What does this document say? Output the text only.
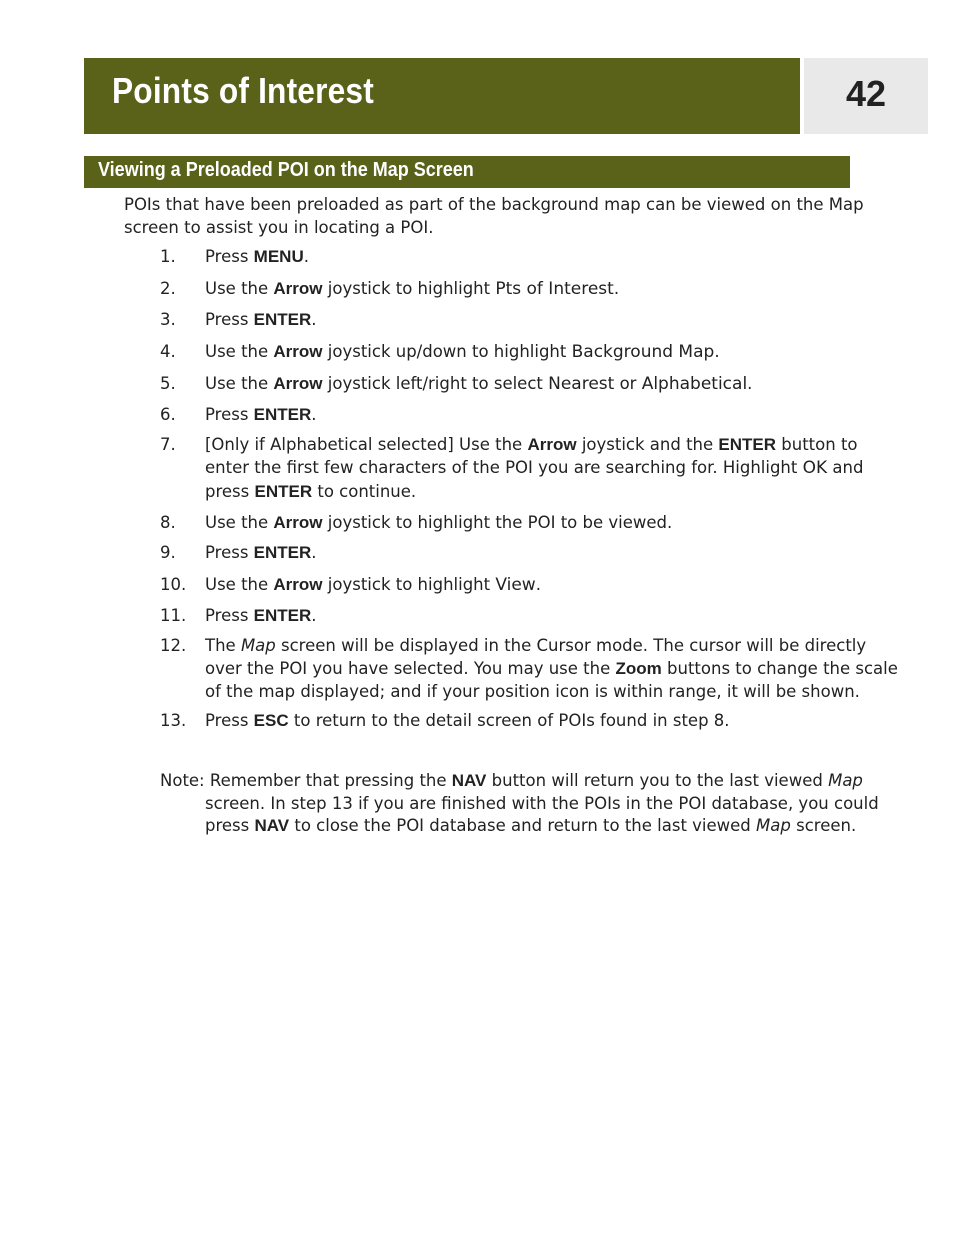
Points of Interest	42
Viewing a Preloaded POI on the Map Screen

POIs that have been preloaded as part of the background map can be viewed on the Map screen to assist you in locating a POI.

1.	Press MENU.
2.	Use the Arrow joystick to highlight Pts of Interest.
3.	Press ENTER.
4.	Use the Arrow joystick up/down to highlight Background Map.
5.	Use the Arrow joystick left/right to select Nearest or Alphabetical.
6.	Press ENTER.
7.	[Only if Alphabetical selected] Use the Arrow joystick and the ENTER button to enter the first few characters of the POI you are searching for. Highlight OK and press ENTER to continue.
8.	Use the Arrow joystick to highlight the POI to be viewed.
9.	Press ENTER.
10.	Use the Arrow joystick to highlight View.
11.	Press ENTER.
12.	The Map screen will be displayed in the Cursor mode. The cursor will be directly over the POI you have selected. You may use the Zoom buttons to change the scale of the map displayed; and if your position icon is within range, it will be shown.
13.	Press ESC to return to the detail screen of POIs found in step 8.
Note: Remember that pressing the NAV button will return you to the last viewed Map
screen. In step 13 if you are finished with the POIs in the POI database, you could press NAV to close the POI database and return to the last viewed Map screen.
